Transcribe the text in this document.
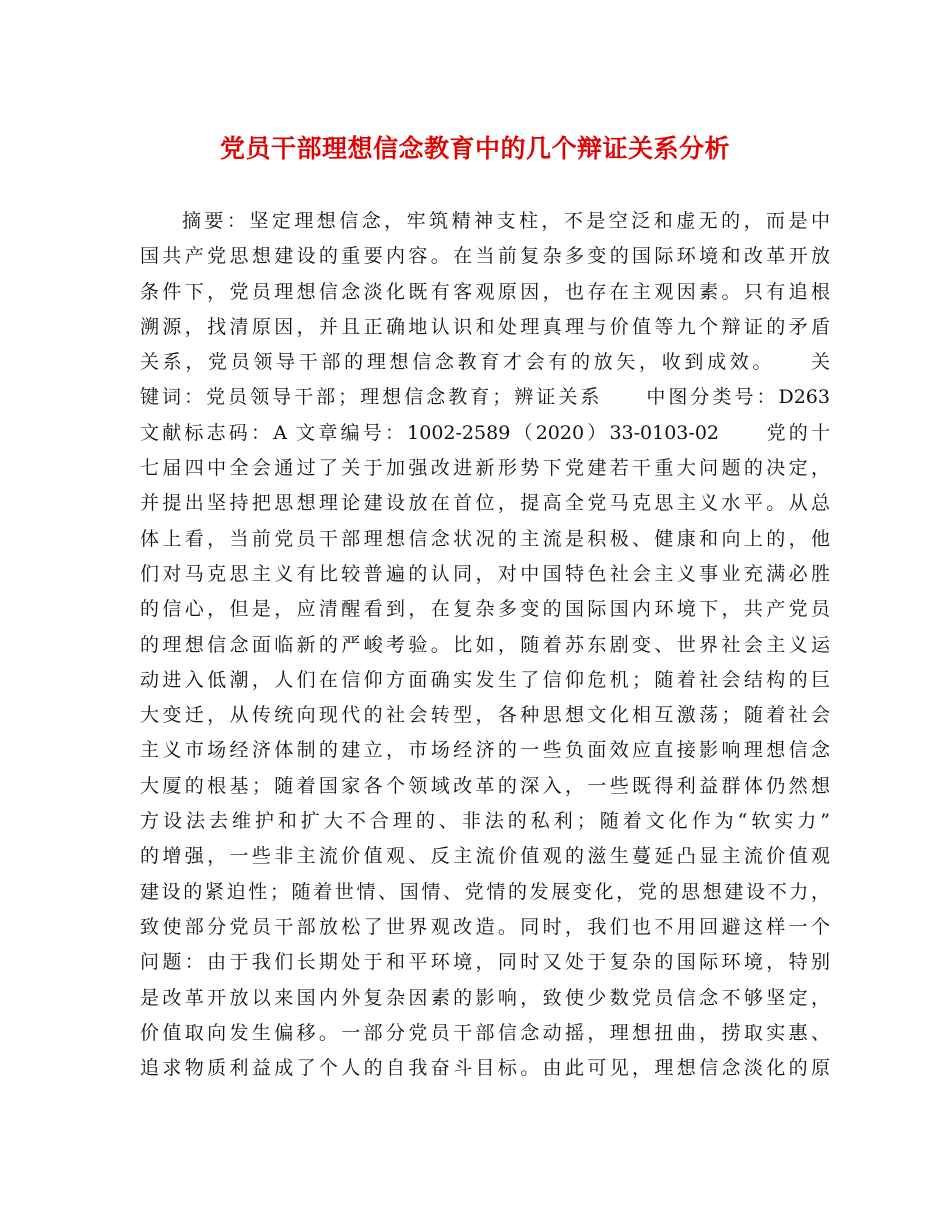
党员干部理想信念教育中的几个辩证关系分析
摘要：坚定理想信念，牢筑精神支柱，不是空泛和虚无的，而是中
国共产党思想建设的重要内容。在当前复杂多变的国际环境和改革开放
条件下，党员理想信念淡化既有客观原因，也存在主观因素。只有追根
溯源，找清原因，并且正确地认识和处理真理与价值等九个辩证的矛盾
关系，党员领导干部的理想信念教育才会有的放矢，收到成效。　　关
键词：党员领导干部；理想信念教育；辨证关系　　中图分类号：D263
文献标志码：A 文章编号：1002-2589（2020）33-0103-02　　党的十
七届四中全会通过了关于加强改进新形势下党建若干重大问题的决定，
并提出坚持把思想理论建设放在首位，提高全党马克思主义水平。从总
体上看，当前党员干部理想信念状况的主流是积极、健康和向上的，他
们对马克思主义有比较普遍的认同，对中国特色社会主义事业充满必胜
的信心，但是，应清醒看到，在复杂多变的国际国内环境下，共产党员
的理想信念面临新的严峻考验。比如，随着苏东剧变、世界社会主义运
动进入低潮，人们在信仰方面确实发生了信仰危机；随着社会结构的巨
大变迁，从传统向现代的社会转型，各种思想文化相互激荡；随着社会
主义市场经济体制的建立，市场经济的一些负面效应直接影响理想信念
大厦的根基；随着国家各个领域改革的深入，一些既得利益群体仍然想
方设法去维护和扩大不合理的、非法的私利；随着文化作为“软实力”
的增强，一些非主流价值观、反主流价值观的滋生蔓延凸显主流价值观
建设的紧迫性；随着世情、国情、党情的发展变化，党的思想建设不力，
致使部分党员干部放松了世界观改造。同时，我们也不用回避这样一个
问题：由于我们长期处于和平环境，同时又处于复杂的国际环境，特别
是改革开放以来国内外复杂因素的影响，致使少数党员信念不够坚定，
价值取向发生偏移。一部分党员干部信念动摇，理想扭曲，捞取实惠、
追求物质利益成了个人的自我奋斗目标。由此可见，理想信念淡化的原
